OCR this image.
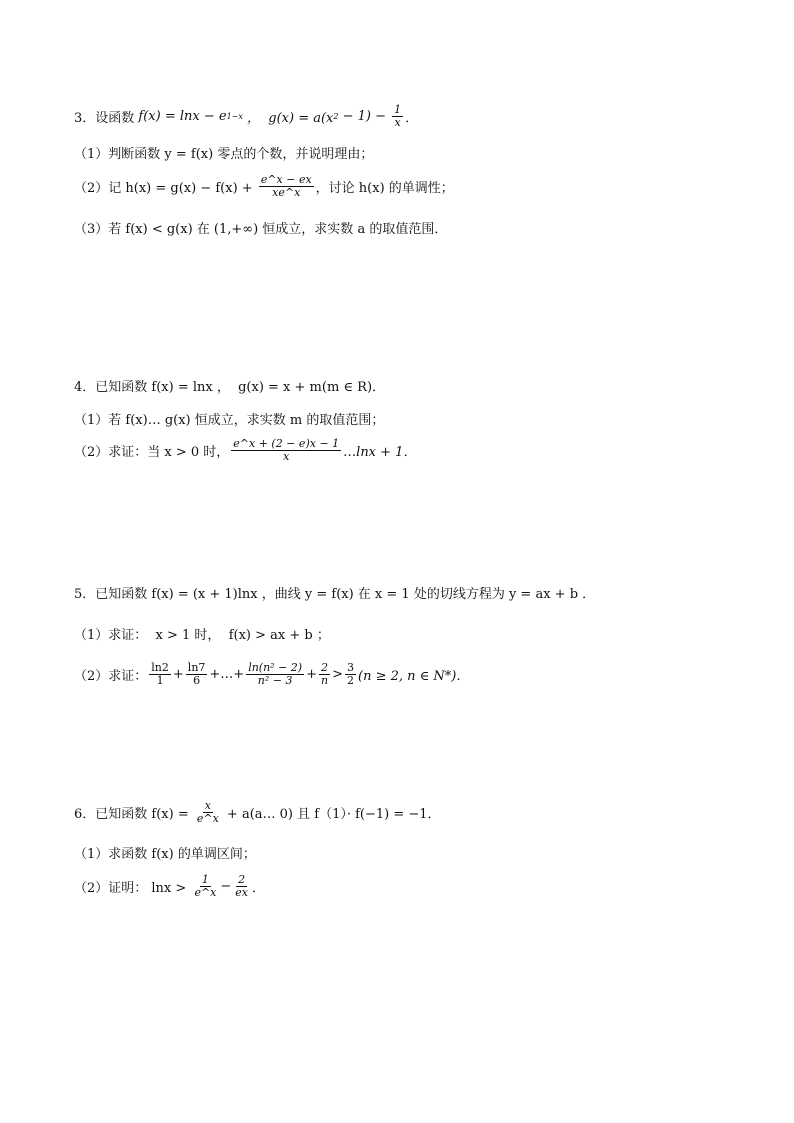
3．设函数 f(x) = lnx − e 1−x ，  g(x) = a(x $2 - 1) - \frac{1}{x}$ ．
（1）判断函数 y = f(x) 零点的个数，并说明理由；
（2）记 $h(x) = g(x) - f(x) + \frac{e\^{}x - ex}{xe\^{}x}$ ，讨论 h(x) 的单调性；
（3）若 f(x) < g(x) 在 (1,+∞) 恒成立，求实数 a 的取值范围．
4．已知函数 f(x) = lnx ，  g(x) = x + m(m ∈ R)．
（1）若 f(x)… g(x) 恒成立，求实数 m 的取值范围；
（2）求证：当 x > 0 时， $\frac{e\^{}x + (2 - e)x - 1}{x}$ …lnx + 1．
5．已知函数 f(x) = (x + 1)lnx ，曲线 y = f(x) 在 x = 1 处的切线方程为 y = ax + b ．
（1）求证：  x > 1 时，  f(x) > ax + b ；
（2）求证： $\frac{\ln 2}{1} + \frac{\ln 7}{6}$ +…+ $\frac{\text{ln(n² − 2)}}{\text{n² − 3}} + \frac{2}{n} > \frac{3}{2} (n \ge 2$, n ∈ N*)．
6．已知函数 $f(x) = \frac{x}{e\^{}x}$ + a(a… 0) 且 f（1）· f(−1) = −1．
（1）求函数 f(x) 的单调区间；
（2）证明： $\ln x > \frac{1}{e\^{}x} - \frac{2}{ex}$ ．
